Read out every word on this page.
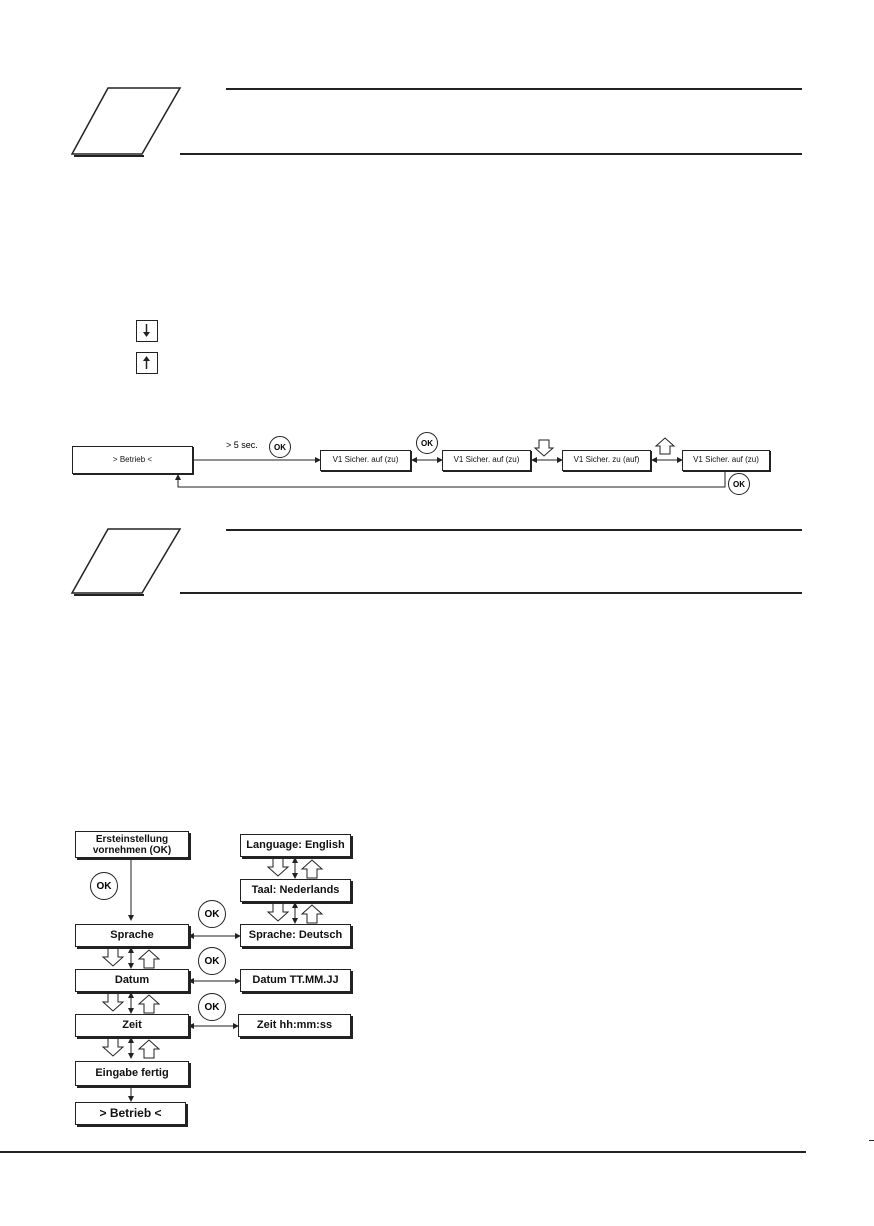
> Betrieb <
> 5 sec. OK	OK
OK
V1 Sicher. auf (zu)	V1 Sicher. auf (zu)	V1 Sicher. zu (auf)	V1 Sicher. auf (zu)
Ersteinstellung vornehmen (OK)
OK
OK
OK
OK
Sprache
Datum
Zeit
Eingabe fertig
> Betrieb <
Language: English
Taal: Nederlands
Sprache: Deutsch
Datum TT.MM.JJ
Zeit hh:mm:ss
